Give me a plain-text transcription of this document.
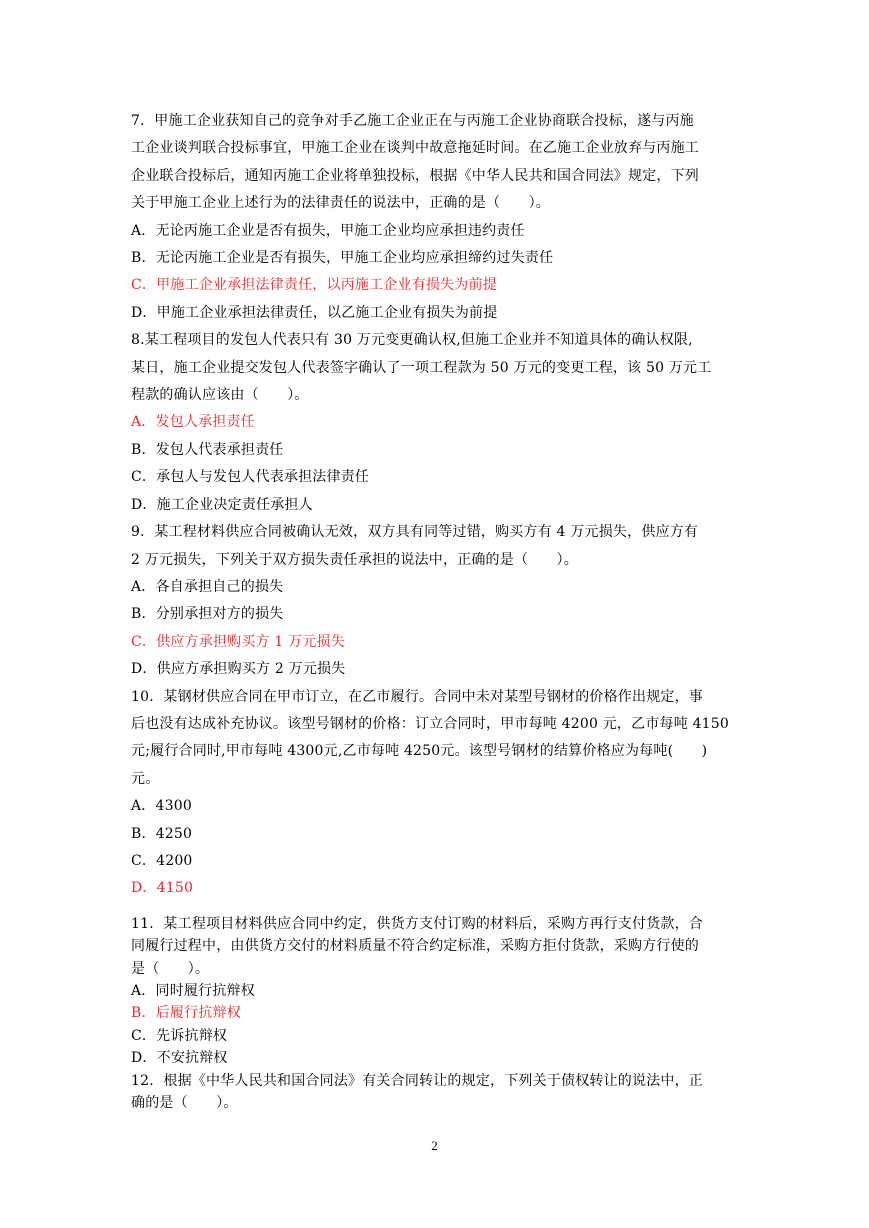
7．甲施工企业获知自己的竞争对手乙施工企业正在与丙施工企业协商联合投标，遂与丙施
工企业谈判联合投标事宜，甲施工企业在谈判中故意拖延时间。在乙施工企业放弃与丙施工
企业联合投标后，通知丙施工企业将单独投标，根据《中华人民共和国合同法》规定，下列
关于甲施工企业上述行为的法律责任的说法中，正确的是（　　）。
A．无论丙施工企业是否有损失，甲施工企业均应承担违约责任
B．无论丙施工企业是否有损失，甲施工企业均应承担缔约过失责任
C．甲施工企业承担法律责任，以丙施工企业有损失为前提
D．甲施工企业承担法律责任，以乙施工企业有损失为前提
8.某工程项目的发包人代表只有 30 万元变更确认权,但施工企业并不知道具体的确认权限,
某日，施工企业提交发包人代表签字确认了一项工程款为 50 万元的变更工程，该 50 万元工
程款的确认应该由（　　）。
A．发包人承担责任
B．发包人代表承担责任
C．承包人与发包人代表承担法律责任
D．施工企业决定责任承担人
9．某工程材料供应合同被确认无效，双方具有同等过错，购买方有 4 万元损失，供应方有
2 万元损失，下列关于双方损失责任承担的说法中，正确的是（　　）。
A．各自承担自己的损失
B．分别承担对方的损失
C．供应方承担购买方 1 万元损失
D．供应方承担购买方 2 万元损失
10．某钢材供应合同在甲市订立，在乙市履行。合同中未对某型号钢材的价格作出规定，事
后也没有达成补充协议。该型号钢材的价格：订立合同时，甲市每吨 4200 元，乙市每吨 4150
元;履行合同时,甲市每吨 4300元,乙市每吨 4250元。该型号钢材的结算价格应为每吨(　　)
元。
A．4300
B．4250
C．4200
D．4150
11．某工程项目材料供应合同中约定，供货方支付订购的材料后，采购方再行支付货款，合
同履行过程中，由供货方交付的材料质量不符合约定标准，采购方拒付货款，采购方行使的
是（　　）。
A．同时履行抗辩权
B．后履行抗辩权
C．先诉抗辩权
D．不安抗辩权
12．根据《中华人民共和国合同法》有关合同转让的规定，下列关于债权转让的说法中，正
确的是（　　）。
2
